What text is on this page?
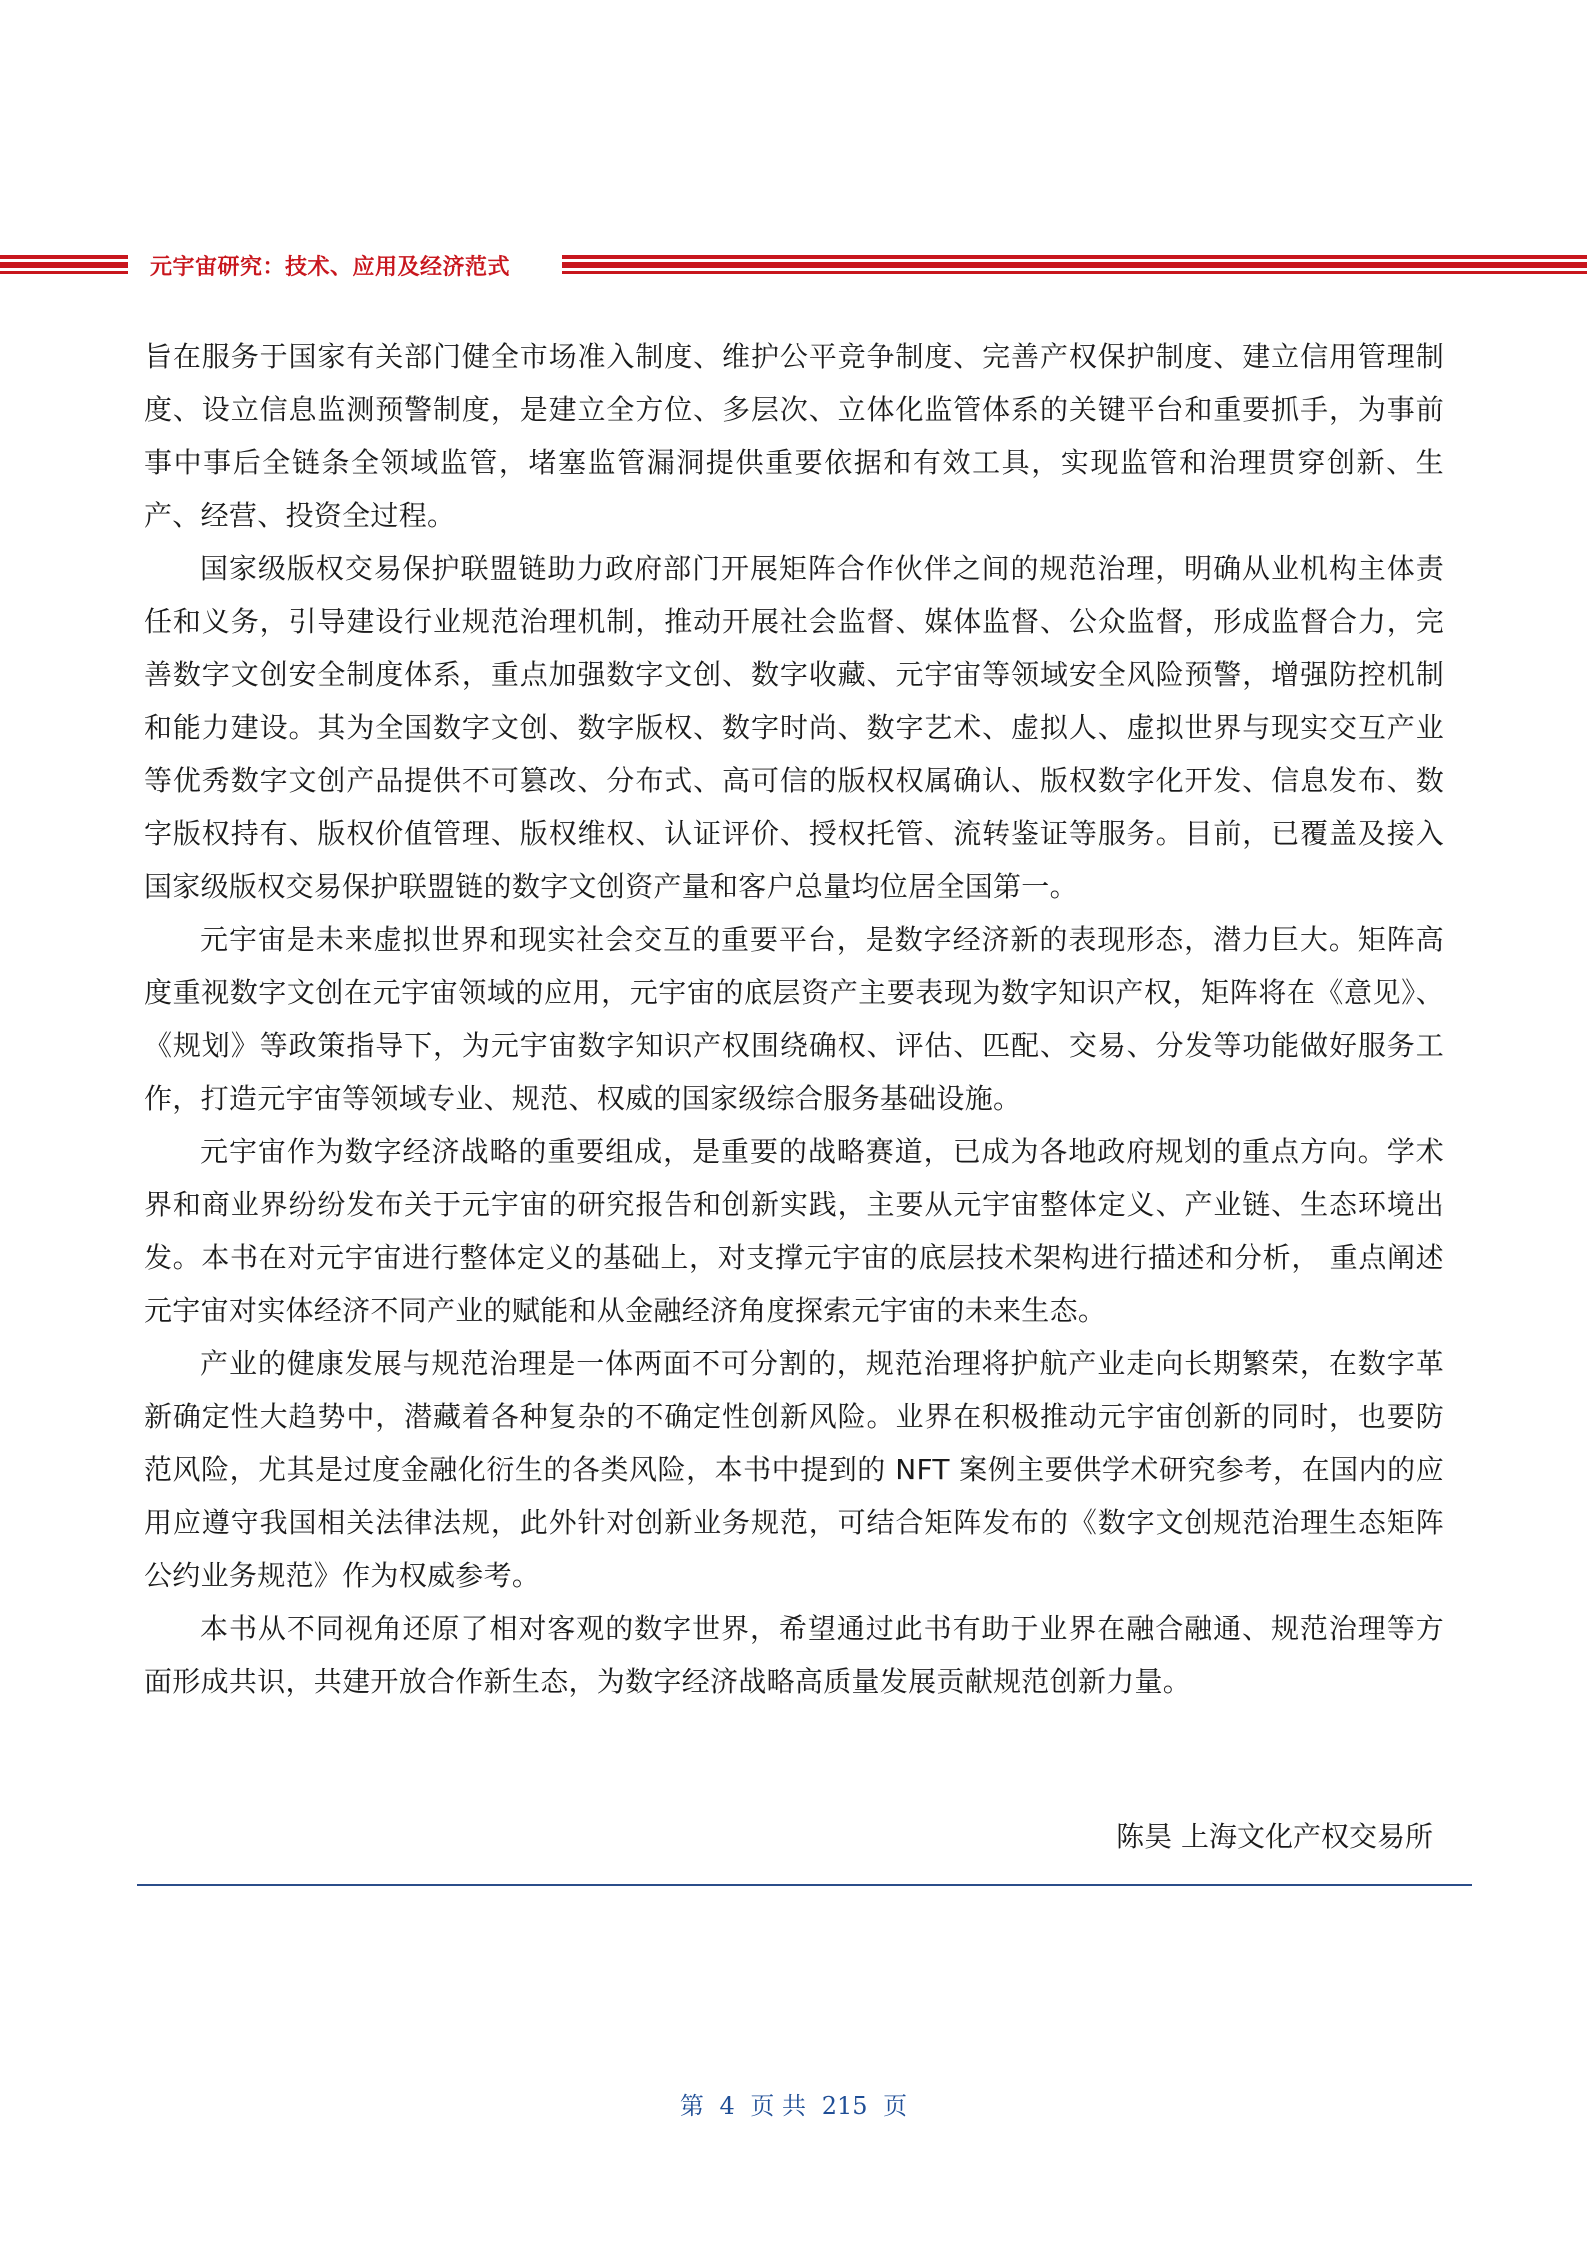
元宇宙研究：技术、应用及经济范式

旨在服务于国家有关部门健全市场准入制度、维护公平竞争制度、完善产权保护制度、建立信用管理制度、设立信息监测预警制度，是建立全方位、多层次、立体化监管体系的关键平台和重要抓手，为事前事中事后全链条全领域监管，堵塞监管漏洞提供重要依据和有效工具，实现监管和治理贯穿创新、生产、经营、投资全过程。

国家级版权交易保护联盟链助力政府部门开展矩阵合作伙伴之间的规范治理，明确从业机构主体责任和义务，引导建设行业规范治理机制，推动开展社会监督、媒体监督、公众监督，形成监督合力，完善数字文创安全制度体系，重点加强数字文创、数字收藏、元宇宙等领域安全风险预警，增强防控机制和能力建设。其为全国数字文创、数字版权、数字时尚、数字艺术、虚拟人、虚拟世界与现实交互产业等优秀数字文创产品提供不可篡改、分布式、高可信的版权权属确认、版权数字化开发、信息发布、数字版权持有、版权价值管理、版权维权、认证评价、授权托管、流转鉴证等服务。目前，已覆盖及接入国家级版权交易保护联盟链的数字文创资产量和客户总量均位居全国第一。

元宇宙是未来虚拟世界和现实社会交互的重要平台，是数字经济新的表现形态，潜力巨大。矩阵高度重视数字文创在元宇宙领域的应用，元宇宙的底层资产主要表现为数字知识产权，矩阵将在《意见》、《规划》等政策指导下，为元宇宙数字知识产权围绕确权、评估、匹配、交易、分发等功能做好服务工作，打造元宇宙等领域专业、规范、权威的国家级综合服务基础设施。

元宇宙作为数字经济战略的重要组成，是重要的战略赛道，已成为各地政府规划的重点方向。学术界和商业界纷纷发布关于元宇宙的研究报告和创新实践，主要从元宇宙整体定义、产业链、生态环境出发。本书在对元宇宙进行整体定义的基础上，对支撑元宇宙的底层技术架构进行描述和分析， 重点阐述元宇宙对实体经济不同产业的赋能和从金融经济角度探索元宇宙的未来生态。

产业的健康发展与规范治理是一体两面不可分割的，规范治理将护航产业走向长期繁荣，在数字革新确定性大趋势中，潜藏着各种复杂的不确定性创新风险。业界在积极推动元宇宙创新的同时，也要防范风险，尤其是过度金融化衍生的各类风险，本书中提到的 NFT 案例主要供学术研究参考，在国内的应用应遵守我国相关法律法规，此外针对创新业务规范，可结合矩阵发布的《数字文创规范治理生态矩阵公约业务规范》作为权威参考。

本书从不同视角还原了相对客观的数字世界，希望通过此书有助于业界在融合融通、规范治理等方面形成共识，共建开放合作新生态，为数字经济战略高质量发展贡献规范创新力量。

陈昊 上海文化产权交易所
第 4 页 共 215 页
